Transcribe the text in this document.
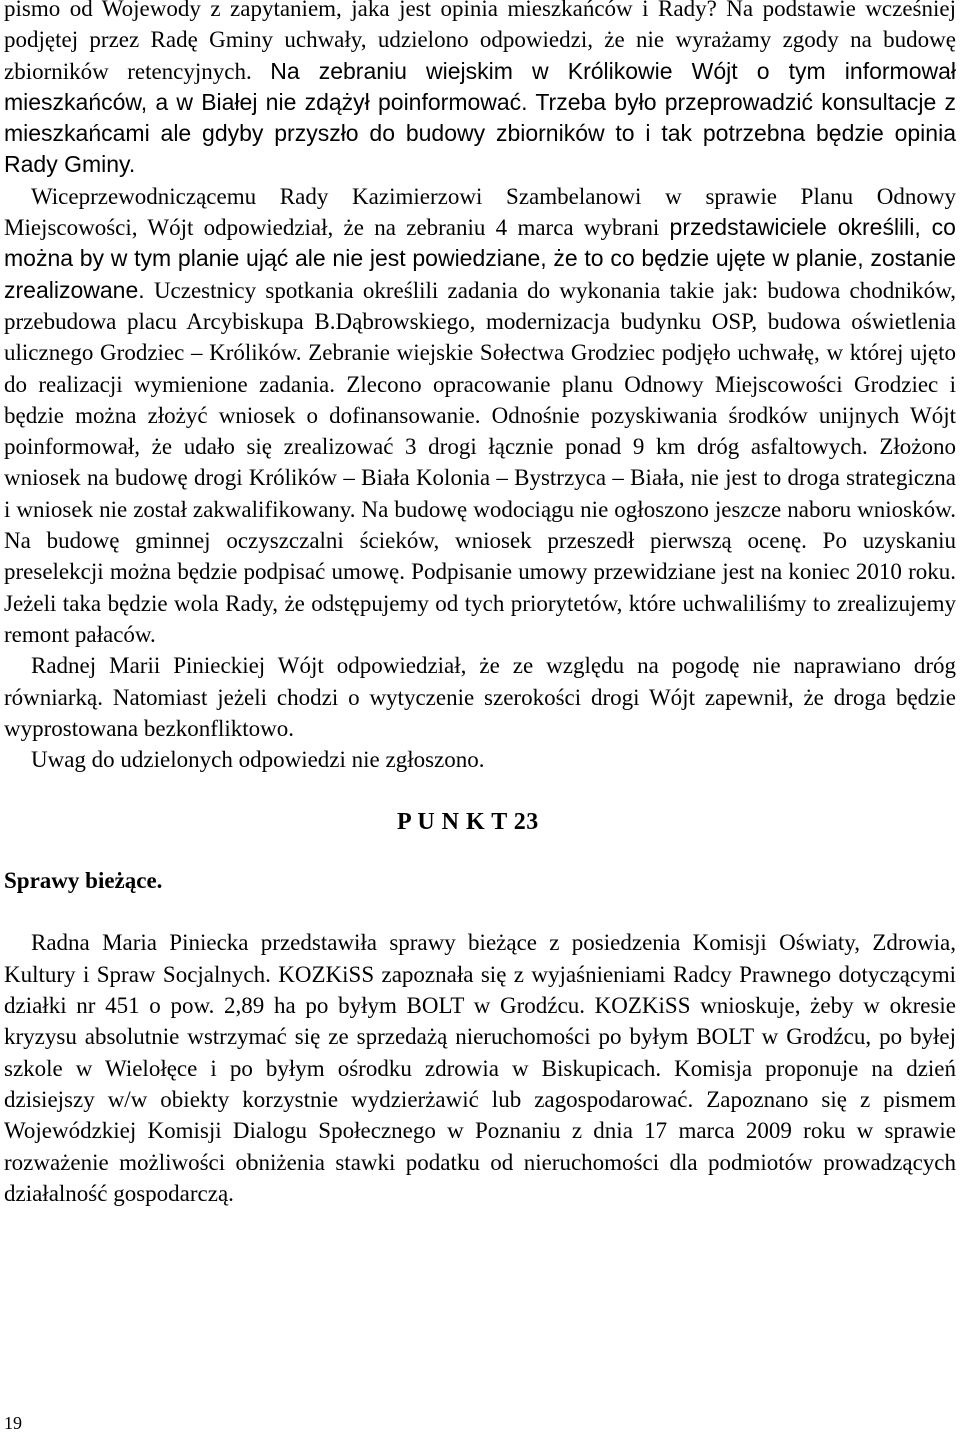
pismo od Wojewody z zapytaniem, jaka jest opinia mieszkańców i Rady? Na podstawie wcześniej podjętej przez Radę Gminy uchwały, udzielono odpowiedzi, że nie wyrażamy zgody na budowę zbiorników retencyjnych. Na zebraniu wiejskim w Królikowie Wójt o tym informował mieszkańców, a w Białej nie zdążył poinformować. Trzeba było przeprowadzić konsultacje z mieszkańcami ale gdyby przyszło do budowy zbiorników to i tak potrzebna będzie opinia Rady Gminy.

Wiceprzewodniczącemu Rady Kazimierzowi Szambelanowi w sprawie Planu Odnowy Miejscowości, Wójt odpowiedział, że na zebraniu 4 marca wybrani przedstawiciele określili, co można by w tym planie ująć ale nie jest powiedziane, że to co będzie ujęte w planie, zostanie zrealizowane. Uczestnicy spotkania określili zadania do wykonania takie jak: budowa chodników, przebudowa placu Arcybiskupa B.Dąbrowskiego, modernizacja budynku OSP, budowa oświetlenia ulicznego Grodziec – Królików. Zebranie wiejskie Sołectwa Grodziec podjęło uchwałę, w której ujęto do realizacji wymienione zadania. Zlecono opracowanie planu Odnowy Miejscowości Grodziec i będzie można złożyć wniosek o dofinansowanie. Odnośnie pozyskiwania środków unijnych Wójt poinformował, że udało się zrealizować 3 drogi łącznie ponad 9 km dróg asfaltowych. Złożono wniosek na budowę drogi Królików – Biała Kolonia – Bystrzyca – Biała, nie jest to droga strategiczna i wniosek nie został zakwalifikowany. Na budowę wodociągu nie ogłoszono jeszcze naboru wniosków. Na budowę gminnej oczyszczalni ścieków, wniosek przeszedł pierwszą ocenę. Po uzyskaniu preselekcji można będzie podpisać umowę. Podpisanie umowy przewidziane jest na koniec 2010 roku. Jeżeli taka będzie wola Rady, że odstępujemy od tych priorytetów, które uchwaliliśmy to zrealizujemy remont pałaców.

Radnej Marii Pinieckiej Wójt odpowiedział, że ze względu na pogodę nie naprawiano dróg równiarką. Natomiast jeżeli chodzi o wytyczenie szerokości drogi Wójt zapewnił, że droga będzie wyprostowana bezkonfliktowo.

Uwag do udzielonych odpowiedzi nie zgłoszono.

P U N K T 23
Sprawy bieżące.

Radna Maria Piniecka przedstawiła sprawy bieżące z posiedzenia Komisji Oświaty, Zdrowia, Kultury i Spraw Socjalnych. KOZKiSS zapoznała się z wyjaśnieniami Radcy Prawnego dotyczącymi działki nr 451 o pow. 2,89 ha po byłym BOLT w Grodźcu. KOZKiSS wnioskuje, żeby w okresie kryzysu absolutnie wstrzymać się ze sprzedażą nieruchomości po byłym BOLT w Grodźcu, po byłej szkole w Wielołęce i po byłym ośrodku zdrowia w Biskupicach. Komisja proponuje na dzień dzisiejszy w/w obiekty korzystnie wydzierżawić lub zagospodarować. Zapoznano się z pismem Wojewódzkiej Komisji Dialogu Społecznego w Poznaniu z dnia 17 marca 2009 roku w sprawie rozważenie możliwości obniżenia stawki podatku od nieruchomości dla podmiotów prowadzących działalność gospodarczą.

19
